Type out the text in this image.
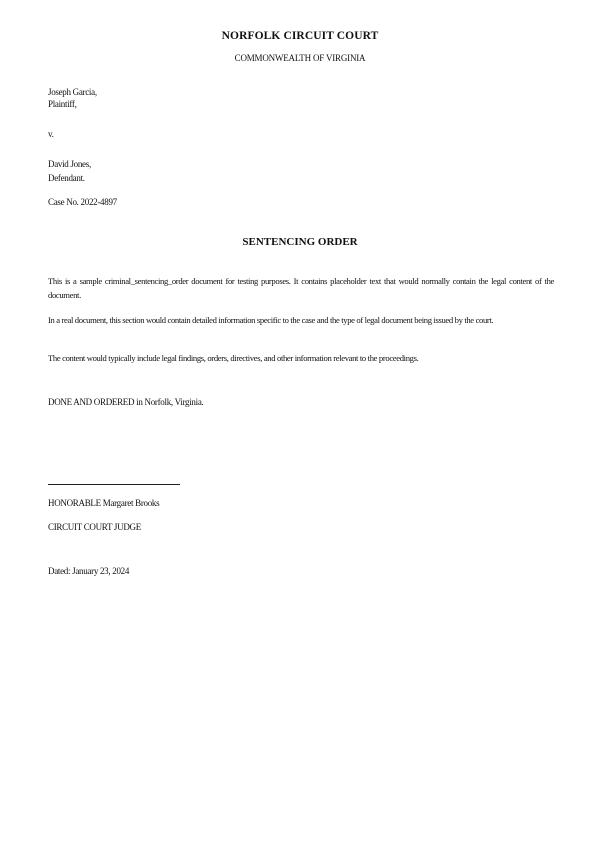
NORFOLK CIRCUIT COURT
COMMONWEALTH OF VIRGINIA
Joseph Garcia,
Plaintiff,
v.
David Jones,
Defendant.
Case No. 2022-4897
SENTENCING ORDER
This is a sample criminal_sentencing_order document for testing purposes. It contains placeholder text that would normally contain the legal content of the document.
In a real document, this section would contain detailed information specific to the case and the type of legal document being issued by the court.
The content would typically include legal findings, orders, directives, and other information relevant to the proceedings.
DONE AND ORDERED in Norfolk, Virginia.
HONORABLE Margaret Brooks
CIRCUIT COURT JUDGE
Dated: January 23, 2024
